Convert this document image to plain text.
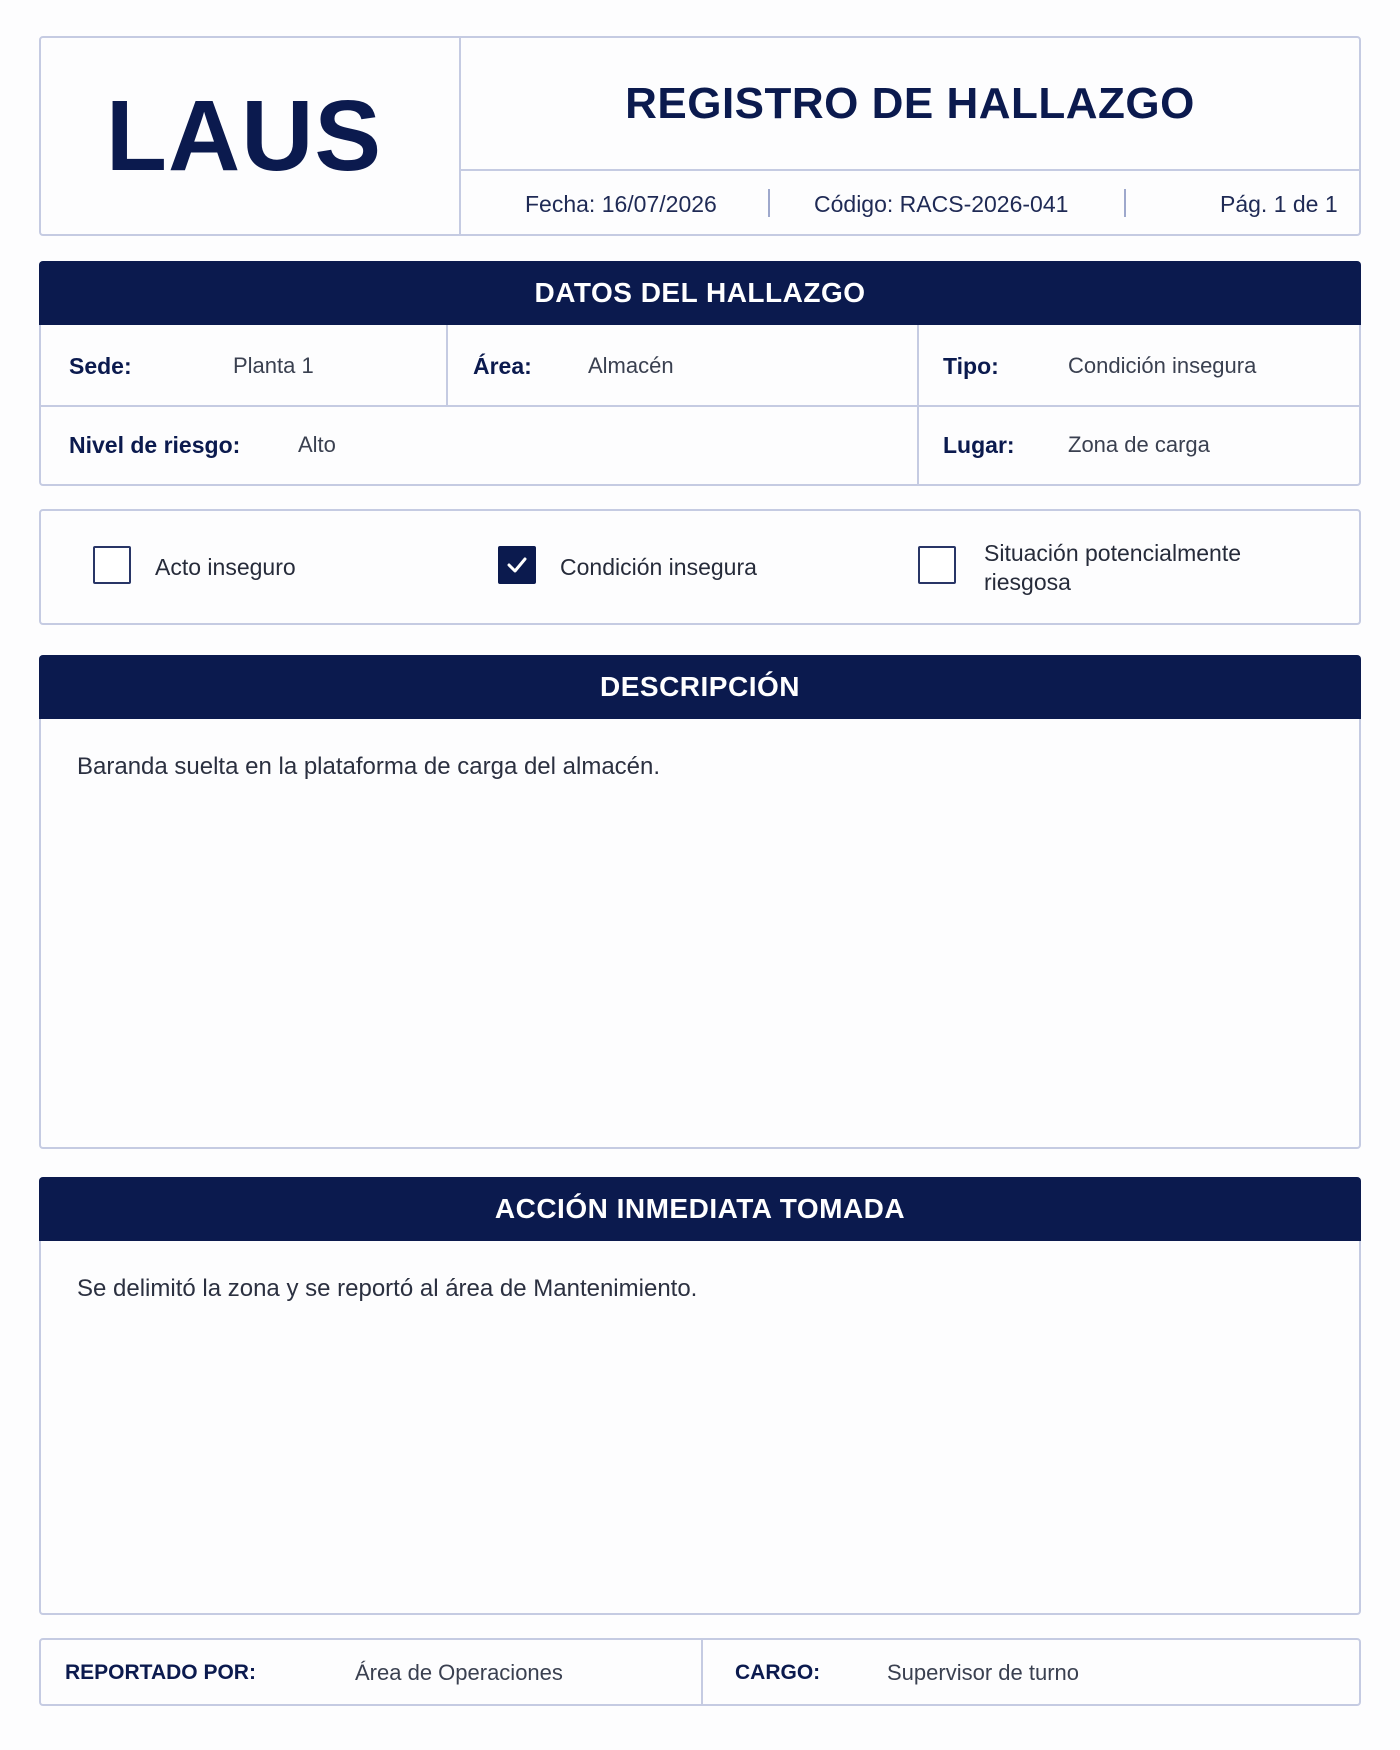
LAUS	REGISTRO DE HALLAZGO
Fecha: 16/07/2026	Código: RACS-2026-041	Pág. 1 de 1
DATOS DEL HALLAZGO
Sede:	Planta 1	Área:	Almacén	Tipo:	Condición insegura
Nivel de riesgo:	Alto	Lugar: Zona de carga
Acto inseguro	Condición insegura
Situación potencialmente riesgosa
DESCRIPCIÓN
Baranda suelta en la plataforma de carga del almacén.
ACCIÓN INMEDIATA TOMADA
Se delimitó la zona y se reportó al área de Mantenimiento.
REPORTADO POR:	Área de Operaciones	CARGO:	Supervisor de turno
